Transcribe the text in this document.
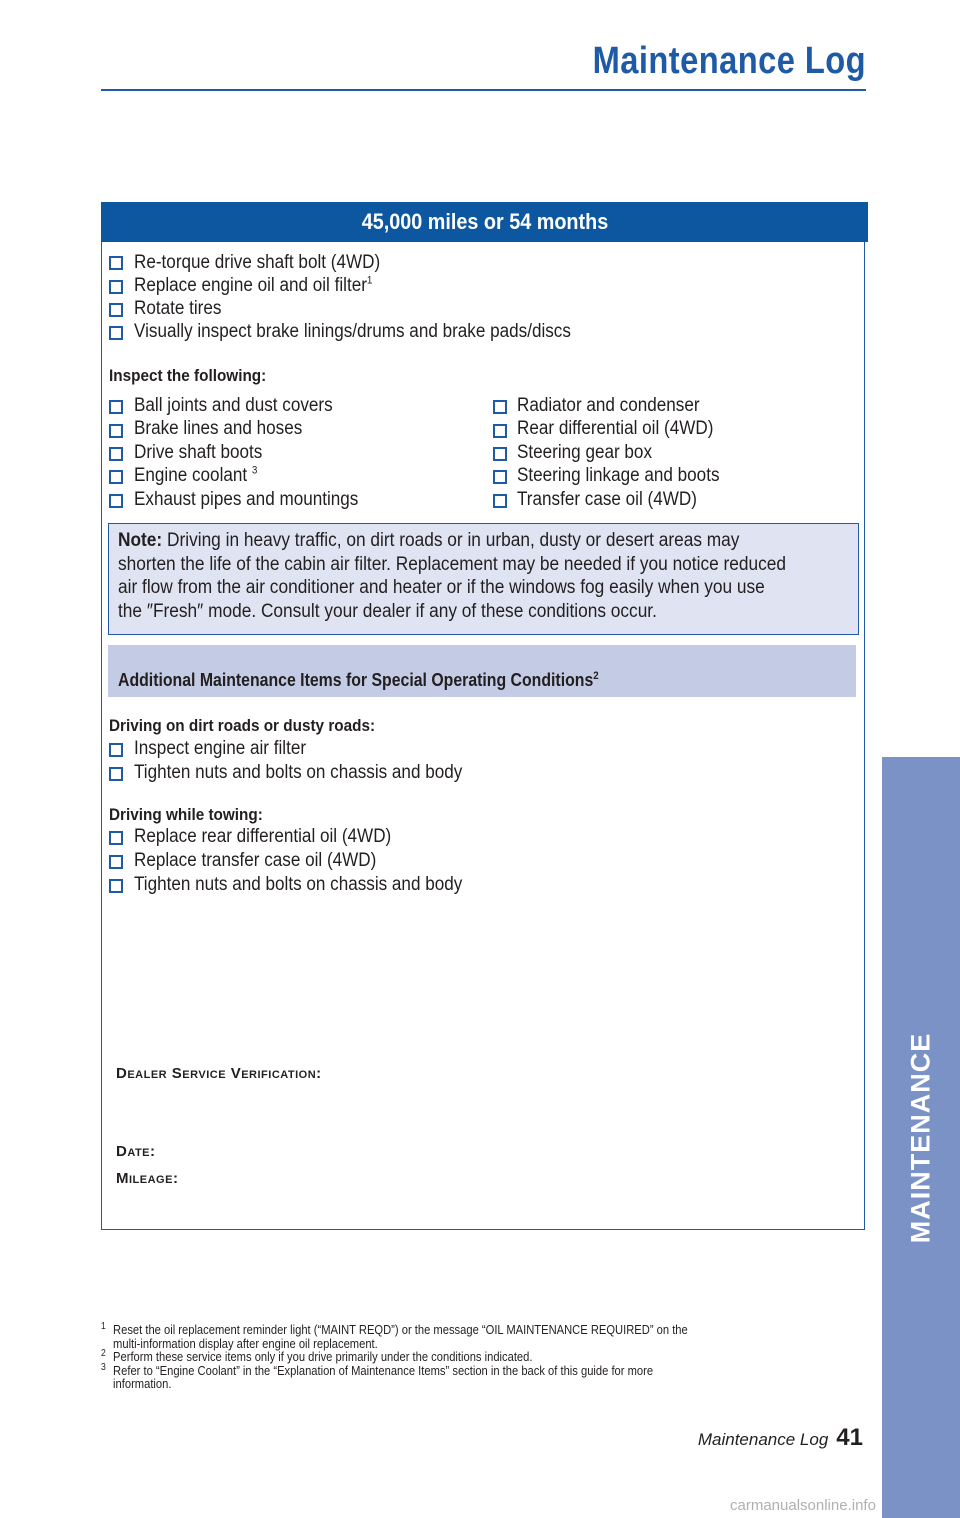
Maintenance Log
45,000 miles or 54 months
Re-torque drive shaft bolt (4WD)
Replace engine oil and oil filter$^1$
Rotate tires
Visually inspect brake linings/drums and brake pads/discs
Inspect the following:
Ball joints and dust covers
Brake lines and hoses
Drive shaft boots
Engine coolant $^3$
Exhaust pipes and mountings
Radiator and condenser
Rear differential oil (4WD)
Steering gear box
Steering linkage and boots
Transfer case oil (4WD)
Note: Driving in heavy traffic, on dirt roads or in urban, dusty or desert areas may
shorten the life of the cabin air filter. Replacement may be needed if you notice reduced
air flow from the air conditioner and heater or if the windows fog easily when you use
the ″Fresh″ mode. Consult your dealer if any of these conditions occur.
Additional Maintenance Items for Special Operating Conditions$^2$
Driving on dirt roads or dusty roads:
Inspect engine air filter
Tighten nuts and bolts on chassis and body
Driving while towing:
Replace rear differential oil (4WD)
Replace transfer case oil (4WD)
Tighten nuts and bolts on chassis and body
Dealer Service Verification:
Date:
Mileage:
1 Reset the oil replacement reminder light (“MAINT REQD”) or the message “OIL MAINTENANCE REQUIRED” on the
multi-information display after engine oil replacement.
2 Perform these service items only if you drive primarily under the conditions indicated.
3 Refer to “Engine Coolant” in the “Explanation of Maintenance Items” section in the back of this guide for more
information.
Maintenance Log 41
MAINTENANCE
carmanualsonline.info
